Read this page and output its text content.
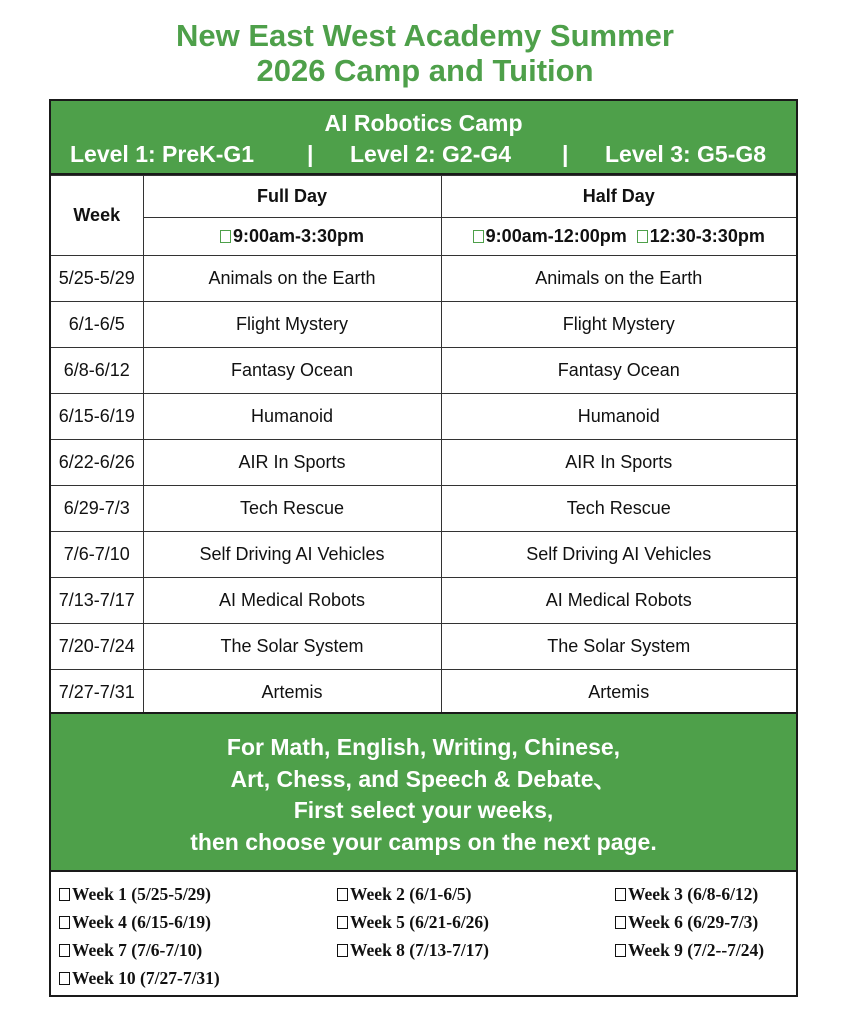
New East West Academy Summer
2026 Camp and Tuition
AI Robotics Camp
Level 1: PreK-G1 | Level 2: G2-G4 | Level 3: G5-G8
Week	Full Day	Half Day
	9:00am-3:30pm	9:00am-12:00pm 12:30-3:30pm
5/25-5/29	Animals on the Earth	Animals on the Earth
6/1-6/5	Flight Mystery	Flight Mystery
6/8-6/12	Fantasy Ocean	Fantasy Ocean
6/15-6/19	Humanoid	Humanoid
6/22-6/26	AIR In Sports	AIR In Sports
6/29-7/3	Tech Rescue	Tech Rescue
7/6-7/10	Self Driving AI Vehicles	Self Driving AI Vehicles
7/13-7/17	AI Medical Robots	AI Medical Robots
7/20-7/24	The Solar System	The Solar System
7/27-7/31	Artemis	Artemis
For Math, English, Writing, Chinese,
Art, Chess, and Speech & Debate、
First select your weeks,
then choose your camps on the next page.
Week 1 (5/25-5/29)	Week 2 (6/1-6/5)	Week 3 (6/8-6/12)
Week 4 (6/15-6/19)	Week 5 (6/21-6/26)	Week 6 (6/29-7/3)
Week 7 (7/6-7/10)	Week 8 (7/13-7/17)	Week 9 (7/2--7/24)
Week 10 (7/27-7/31)
